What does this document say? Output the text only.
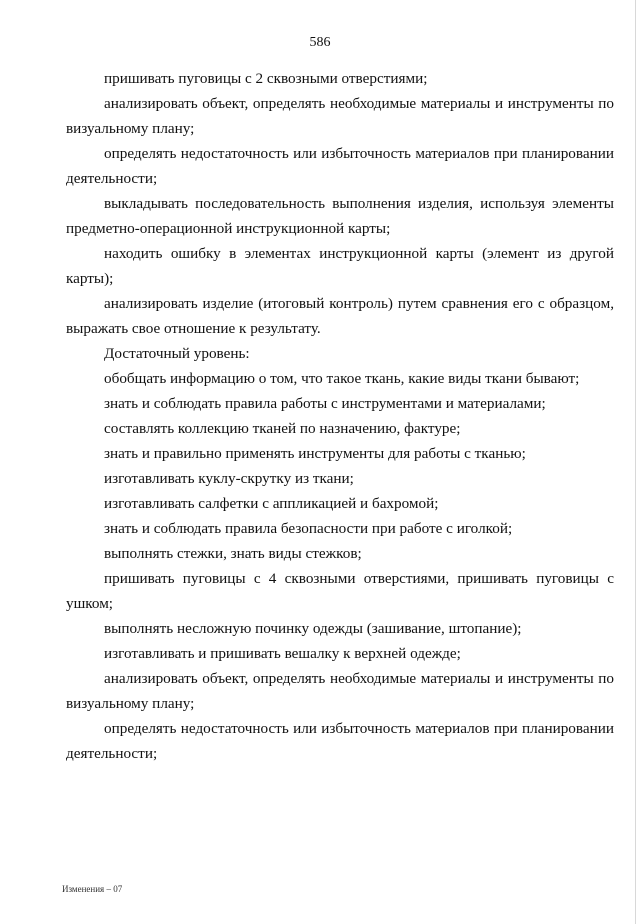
586

пришивать пуговицы с 2 сквозными отверстиями;

анализировать объект, определять необходимые материалы и инструменты по визуальному плану;

определять недостаточность или избыточность материалов при планировании деятельности;

выкладывать последовательность выполнения изделия, используя элементы предметно-операционной инструкционной карты;

находить ошибку в элементах инструкционной карты (элемент из другой карты);

анализировать изделие (итоговый контроль) путем сравнения его с образцом, выражать свое отношение к результату.

Достаточный уровень:

обобщать информацию о том, что такое ткань, какие виды ткани бывают;

знать и соблюдать правила работы с инструментами и материалами;

составлять коллекцию тканей по назначению, фактуре;

знать и правильно применять инструменты для работы с тканью;

изготавливать куклу-скрутку из ткани;

изготавливать салфетки с аппликацией и бахромой;

знать и соблюдать правила безопасности при работе с иголкой;

выполнять стежки, знать виды стежков;

пришивать пуговицы с 4 сквозными отверстиями, пришивать пуговицы с ушком;

выполнять несложную починку одежды (зашивание, штопание);

изготавливать и пришивать вешалку к верхней одежде;

анализировать объект, определять необходимые материалы и инструменты по визуальному плану;

определять недостаточность или избыточность материалов при планировании деятельности;

Изменения – 07
